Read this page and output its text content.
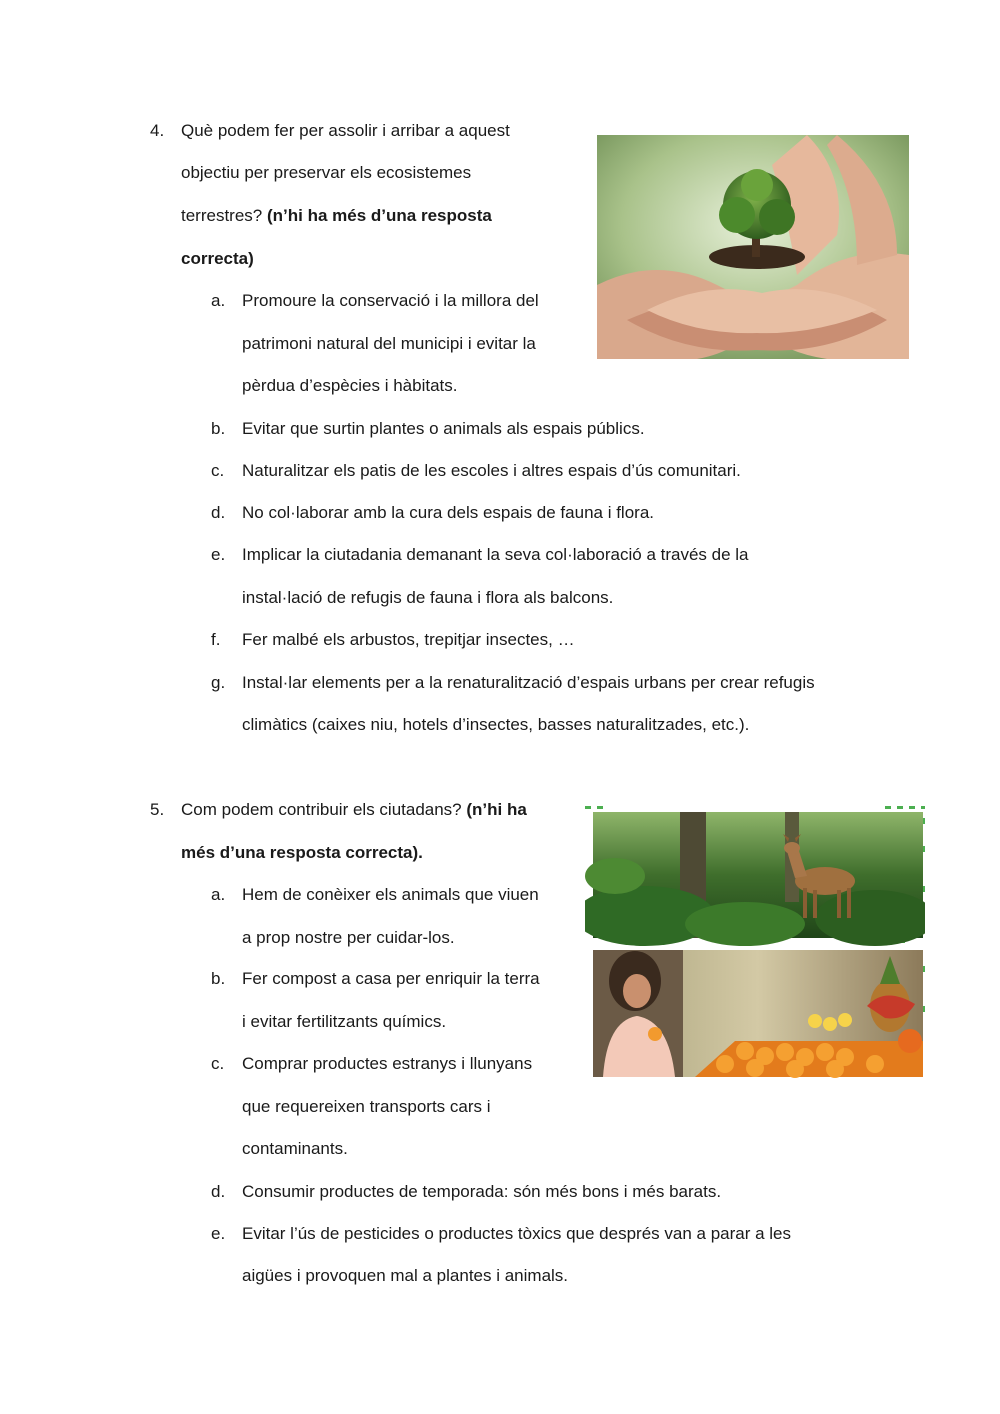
4. Què podem fer per assolir i arribar a aquest
objectiu per preservar els ecosistemes
terrestres? (n’hi ha més d’una resposta
correcta)
a. Promoure la conservació i la millora del
patrimoni natural del municipi i evitar la
pèrdua d’espècies i hàbitats.
b. Evitar que surtin plantes o animals als espais públics.
c. Naturalitzar els patis de les escoles i altres espais d’ús comunitari.
d. No col·laborar amb la cura dels espais de fauna i flora.
e. Implicar la ciutadania demanant la seva col·laboració a través de la
instal·lació de refugis de fauna i flora als balcons.
f. Fer malbé els arbustos, trepitjar insectes, …
g. Instal·lar elements per a la renaturalització d’espais urbans per crear refugis
climàtics (caixes niu, hotels d’insectes, basses naturalitzades, etc.).
5. Com podem contribuir els ciutadans? (n’hi ha
més d’una resposta correcta).
a. Hem de conèixer els animals que viuen
a prop nostre per cuidar-los.
b. Fer compost a casa per enriquir la terra
i evitar fertilitzants químics.
c. Comprar productes estranys i llunyans
que requereixen transports cars i
contaminants.
d. Consumir productes de temporada: són més bons i més barats.
e. Evitar l’ús de pesticides o productes tòxics que després van a parar a les
aigües i provoquen mal a plantes i animals.
